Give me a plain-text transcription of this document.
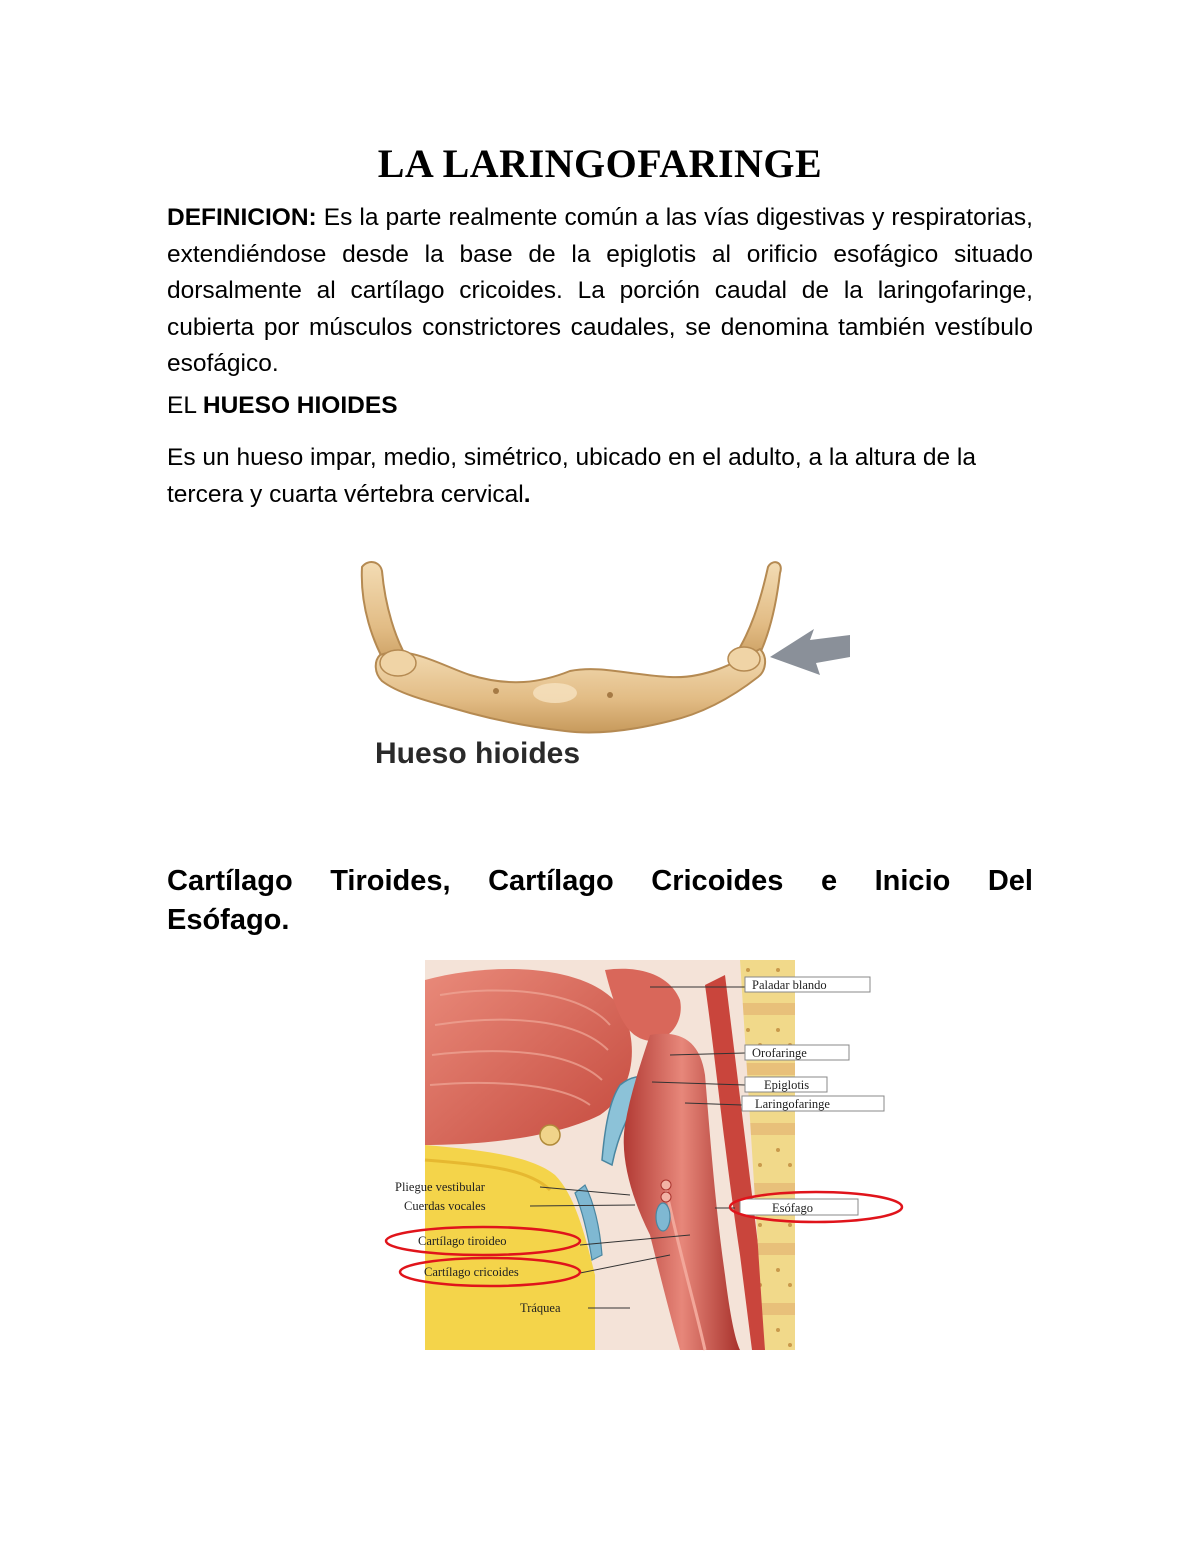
LA LARINGOFARINGE

DEFINICION: Es la parte realmente común a las vías digestivas y respiratorias, extendiéndose desde la base de la epiglotis al orificio esofágico situado dorsalmente al cartílago cricoides. La porción caudal de la laringofaringe, cubierta por músculos constrictores caudales, se denomina también vestíbulo esofágico.

EL HUESO HIOIDES

Es un hueso impar, medio, simétrico, ubicado en el adulto, a la altura de la tercera y cuarta vértebra cervical.

Hueso hioides

Cartílago Tiroides, Cartílago Cricoides e Inicio Del
Esófago.

Paladar blando
Orofaringe
Epiglotis
Laringofaringe
Esófago
Pliegue vestibular
Cuerdas vocales
Cartílago tiroideo
Cartílago cricoides
Tráquea
